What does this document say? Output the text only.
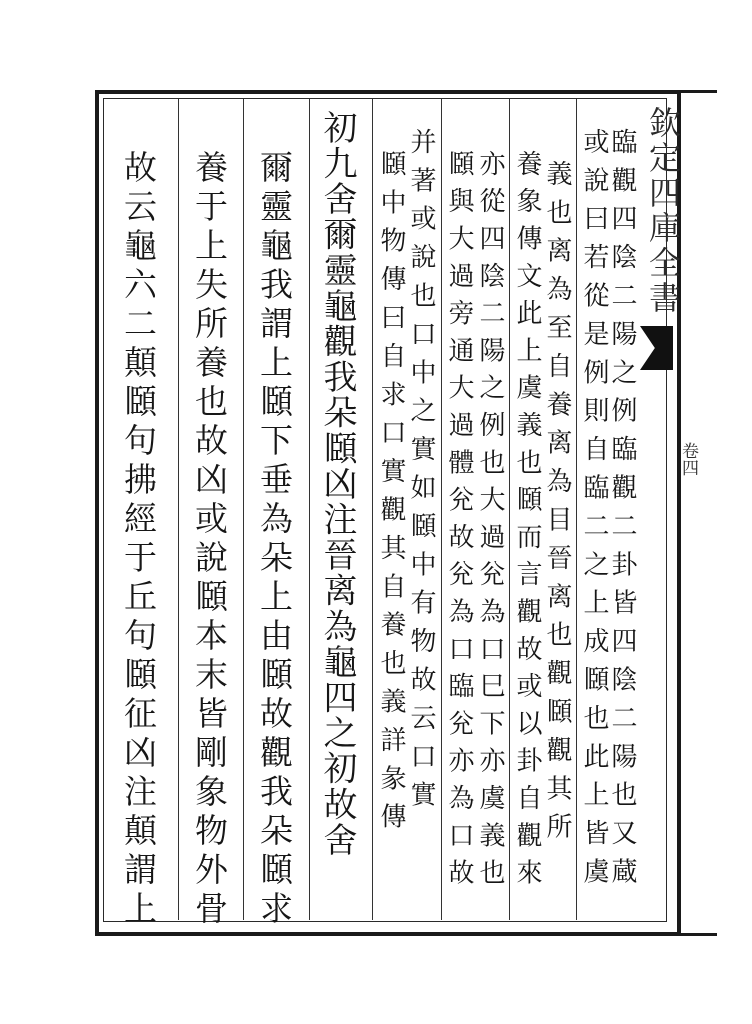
欽定四庫全書
卷四
臨觀四陰二陽之例臨觀二卦皆四陰二陽也又蔵
或說曰若從是例則自臨二之上成頥也此上皆虞
義也离為至自養离為目晉离也觀頥觀其所
養象傳文此上虞義也頥而言觀故或以卦自觀來
亦從四陰二陽之例也大過兊為口巳下亦虞義也
頥與大過旁通大過體兊故兊為口臨兊亦為口故
并著或說也口中之實如頥中有物故云口實
頥中物傳曰自求口實觀其自養也義詳彖傳
初九舍爾靈龜觀我朵頥凶注晉离為龜四之初故舍
爾靈龜我謂上頥下垂為朵上由頥故觀我朵頥求
養于上失所養也故凶或說頥本末皆剛象物外骨
故云龜六二顛頥句拂經于丘句頥征凶注顛謂上
